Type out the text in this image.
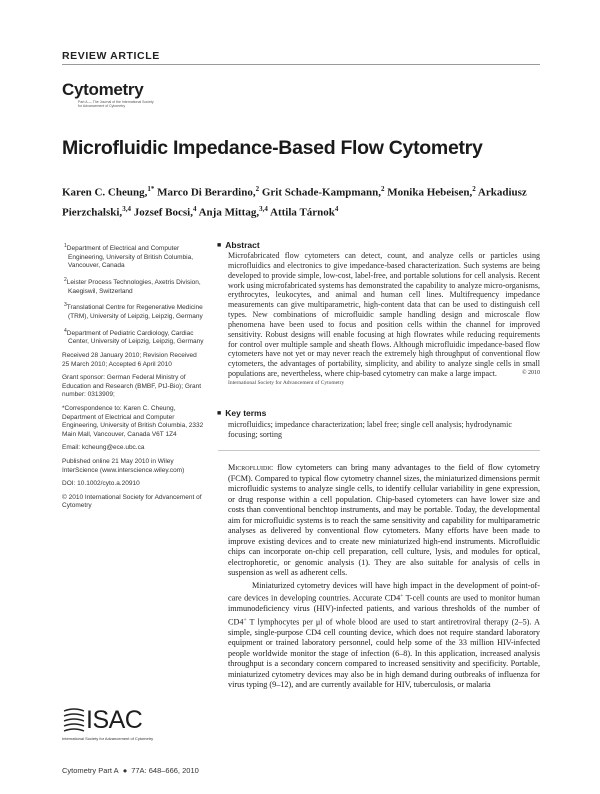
REVIEW ARTICLE
Cytometry
Part A — The Journal of the International Society for Advancement of Cytometry
Microfluidic Impedance-Based Flow Cytometry
Karen C. Cheung,$^{1*}$ Marco Di Berardino,$^2$ Grit Schade-Kampmann,$^2$ Monika Hebeisen,$^2$ Arkadiusz Pierzchalski,$^{3,4}$ Jozsef Bocsi,$^4$ Anja Mittag,$^{3,4}$ Attila Tárnok$^4$
$^1$Department of Electrical and Computer Engineering, University of British Columbia, Vancouver, Canada
$^2$Leister Process Technologies, Axetris Division, Kaegiswil, Switzerland
$^3$Translational Centre for Regenerative Medicine (TRM), University of Leipzig, Leipzig, Germany
$^4$Department of Pediatric Cardiology, Cardiac Center, University of Leipzig, Leipzig, Germany
Received 28 January 2010; Revision Received 25 March 2010; Accepted 6 April 2010
Grant sponsor: German Federal Ministry of Education and Research (BMBF, PtJ-Bio); Grant number: 0313909;
*Correspondence to: Karen C. Cheung, Department of Electrical and Computer Engineering, University of British Columbia, 2332 Main Mall, Vancouver, Canada V6T 1Z4
Email: kcheung@ece.ubc.ca
Published online 21 May 2010 in Wiley InterScience (www.interscience.wiley.com)
DOI: 10.1002/cyto.a.20910
© 2010 International Society for Advancement of Cytometry
■ Abstract
Microfabricated flow cytometers can detect, count, and analyze cells or particles using microfluidics and electronics to give impedance-based characterization. Such systems are being developed to provide simple, low-cost, label-free, and portable solutions for cell analysis. Recent work using microfabricated systems has demonstrated the capability to analyze micro-organisms, erythrocytes, leukocytes, and animal and human cell lines. Multifrequency impedance measurements can give multiparametric, high-content data that can be used to distinguish cell types. New combinations of microfluidic sample handling design and microscale flow phenomena have been used to focus and position cells within the channel for improved sensitivity. Robust designs will enable focusing at high flowrates while reducing requirements for control over multiple sample and sheath flows. Although microfluidic impedance-based flow cytometers have not yet or may never reach the extremely high throughput of conventional flow cytometers, the advantages of portability, simplicity, and ability to analyze single cells in small populations are, nevertheless, where chip-based cytometry can make a large impact.	© 2010
International Society for Advancement of Cytometry
■ Key terms
microfluidics; impedance characterization; label free; single cell analysis; hydrodynamic focusing; sorting

Microfluidic flow cytometers can bring many advantages to the field of flow cytometry (FCM). Compared to typical flow cytometry channel sizes, the miniaturized dimensions permit microfluidic systems to analyze single cells, to identify cellular variability in gene expression, or drug response within a cell population. Chip-based cytometers can have lower size and costs than conventional benchtop instruments, and may be portable. Today, the developmental aim for microfluidic systems is to reach the same sensitivity and capability for multiparametric analyses as delivered by conventional flow cytometers. Many efforts have been made to improve existing devices and to create new miniaturized high-end instruments. Microfluidic chips can incorporate on-chip cell preparation, cell culture, lysis, and modules for optical, electrophoretic, or genomic analysis (1). They are also suitable for analysis of cells in suspension as well as adherent cells.

Miniaturized cytometry devices will have high impact in the development of point-of-care devices in developing countries. Accurate CD4+ T-cell counts are used to monitor human immunodeficiency virus (HIV)-infected patients, and various thresholds of the number of CD4+ T lymphocytes per μl of whole blood are used to start antiretroviral therapy (2–5). A simple, single-purpose CD4 cell counting device, which does not require standard laboratory equipment or trained laboratory personnel, could help some of the 33 million HIV-infected people worldwide monitor the stage of infection (6–8). In this application, increased analysis throughput is a secondary concern compared to increased sensitivity and specificity. Portable, miniaturized cytometry devices may also be in high demand during outbreaks of influenza for virus typing (9–12), and are currently available for HIV, tuberculosis, or malaria

ISAC
International Society for Advancement of Cytometry
Cytometry Part A ● 77A: 648–666, 2010
